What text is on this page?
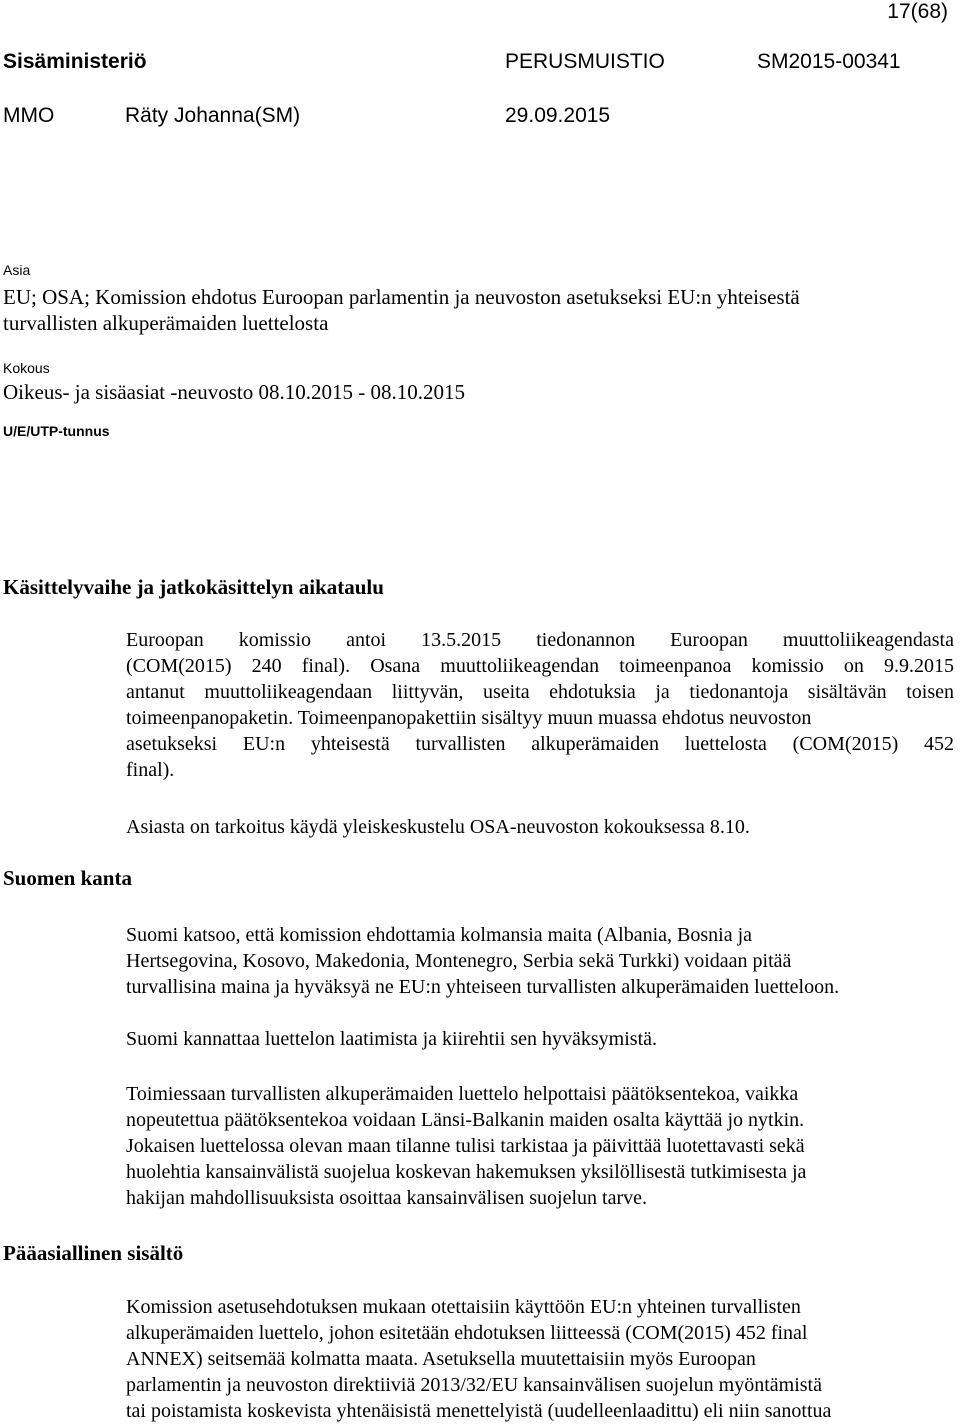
17(68)
Sisäministeriö	PERUSMUISTIO	SM2015-00341
MMO	Räty Johanna(SM)	29.09.2015
Asia
EU; OSA; Komission ehdotus Euroopan parlamentin ja neuvoston asetukseksi EU:n yhteisestä
turvallisten alkuperämaiden luettelosta
Kokous
Oikeus- ja sisäasiat -neuvosto 08.10.2015 - 08.10.2015
U/E/UTP-tunnus
Käsittelyvaihe ja jatkokäsittelyn aikataulu
Euroopan komissio antoi 13.5.2015 tiedonannon Euroopan muuttoliikeagendasta
(COM(2015) 240 final). Osana muuttoliikeagendan toimeenpanoa komissio on 9.9.2015
antanut muuttoliikeagendaan liittyvän, useita ehdotuksia ja tiedonantoja sisältävän toisen
toimeenpanopaketin. Toimeenpanopakettiin sisältyy muun muassa ehdotus neuvoston
asetukseksi EU:n yhteisestä turvallisten alkuperämaiden luettelosta (COM(2015) 452
final).
Asiasta on tarkoitus käydä yleiskeskustelu OSA-neuvoston kokouksessa 8.10.
Suomen kanta
Suomi katsoo, että komission ehdottamia kolmansia maita (Albania, Bosnia ja
Hertsegovina, Kosovo, Makedonia, Montenegro, Serbia sekä Turkki) voidaan pitää
turvallisina maina ja hyväksyä ne EU:n yhteiseen turvallisten alkuperämaiden luetteloon.
Suomi kannattaa luettelon laatimista ja kiirehtii sen hyväksymistä.
Toimiessaan turvallisten alkuperämaiden luettelo helpottaisi päätöksentekoa, vaikka
nopeutettua päätöksentekoa voidaan Länsi-Balkanin maiden osalta käyttää jo nytkin.
Jokaisen luettelossa olevan maan tilanne tulisi tarkistaa ja päivittää luotettavasti sekä
huolehtia kansainvälistä suojelua koskevan hakemuksen yksilöllisestä tutkimisesta ja
hakijan mahdollisuuksista osoittaa kansainvälisen suojelun tarve.
Pääasiallinen sisältö
Komission asetusehdotuksen mukaan otettaisiin käyttöön EU:n yhteinen turvallisten
alkuperämaiden luettelo, johon esitetään ehdotuksen liitteessä (COM(2015) 452 final
ANNEX) seitsemää kolmatta maata. Asetuksella muutettaisiin myös Euroopan
parlamentin ja neuvoston direktiiviä 2013/32/EU kansainvälisen suojelun myöntämistä
tai poistamista koskevista yhtenäisistä menettelyistä (uudelleenlaadittu) eli niin sanottua
